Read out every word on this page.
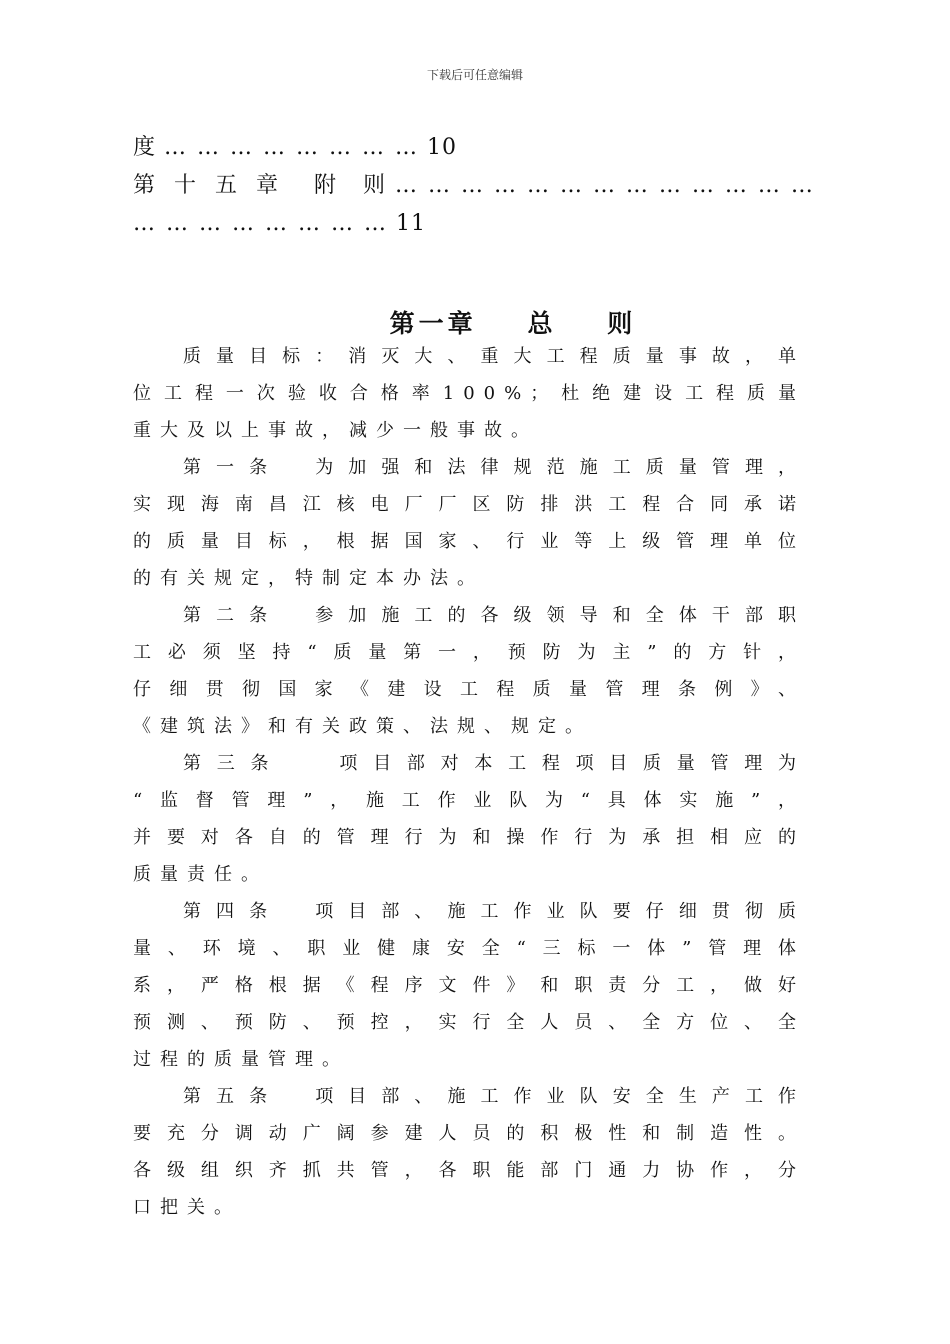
下载后可任意编辑
度 … … … … … … … … 10
第 十 五 章 附 则… … … … … … … … … … … … …
… … … … … … … … 11
第一章    总    则
质量目标：消灭大、重大工程质量事故，单
位工程一次验收合格率100%；杜绝建设工程质量
重大及以上事故，减少一般事故。
第一条　为加强和法律规范施工质量管理，
实现海南昌江核电厂厂区防排洪工程合同承诺
的质量目标，根据国家、行业等上级管理单位
的有关规定，特制定本办法。
第二条　参加施工的各级领导和全体干部职
工必须坚持“质量第一，预防为主”的方针，
仔细贯彻国家《建设工程质量管理条例》、
《建筑法》和有关政策、法规、规定。
第三条　 项目部对本工程项目质量管理为
“监督管理”，施工作业队为“具体实施”，
并要对各自的管理行为和操作行为承担相应的
质量责任。
第四条　项目部、施工作业队要仔细贯彻质
量、环境、职业健康安全“三标一体”管理体
系，严格根据《程序文件》和职责分工，做好
预测、预防、预控，实行全人员、全方位、全
过程的质量管理。
第五条　项目部、施工作业队安全生产工作
要充分调动广阔参建人员的积极性和制造性。
各级组织齐抓共管，各职能部门通力协作，分
口把关。
